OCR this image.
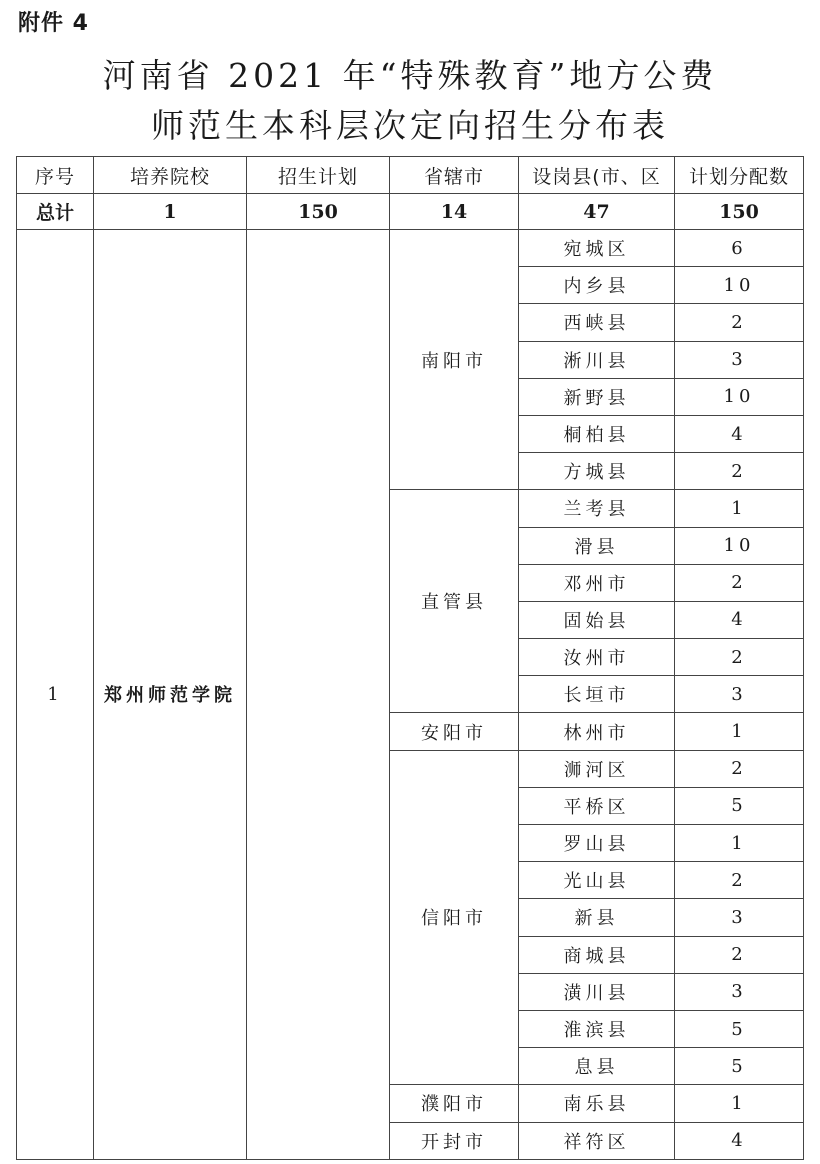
附件 4
河南省 2021 年“特殊教育”地方公费
师范生本科层次定向招生分布表
序号	培养院校	招生计划	省辖市	设岗县(市、区	计划分配数
总计	1	150	14	47	150
1	郑州师范学院		南阳市	宛城区	6
				内乡县	10
				西峡县	2
				淅川县	3
				新野县	10
				桐柏县	4
				方城县	2
			直管县	兰考县	1
				滑县	10
				邓州市	2
				固始县	4
				汝州市	2
				长垣市	3
			安阳市	林州市	1
			信阳市	浉河区	2
				平桥区	5
				罗山县	1
				光山县	2
				新县	3
				商城县	2
				潢川县	3
				淮滨县	5
				息县	5
			濮阳市	南乐县	1
			开封市	祥符区	4
